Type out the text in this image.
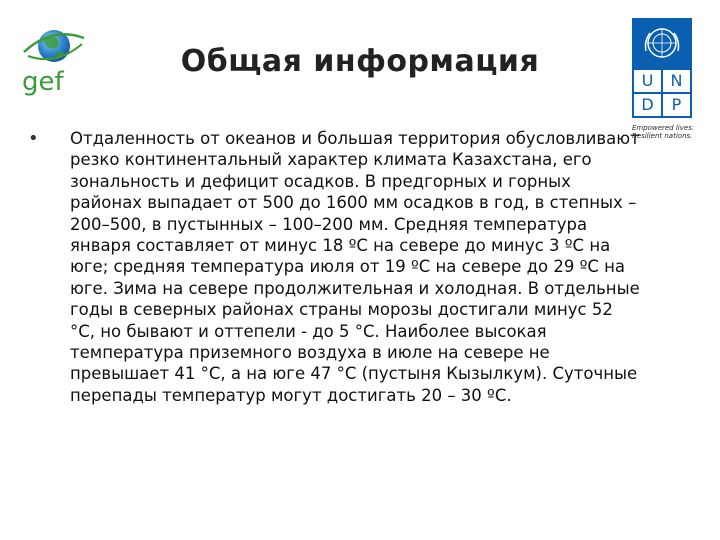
gef
Общая информация
U	N
D	P
Empowered lives.
Resilient nations.
• Отдаленность от океанов и большая территория обусловливают
резко континентальный характер климата Казахстана, его
зональность и дефицит осадков. В предгорных и горных
районах выпадает от 500 до 1600 мм осадков в год, в степных –
200–500, в пустынных – 100–200 мм. Средняя температура
января составляет от минус 18 ºС на севере до минус 3 ºС на
юге; средняя температура июля от 19 ºС на севере до 29 ºС на
юге. Зима на севере продолжительная и холодная. В отдельные
годы в северных районах страны морозы достигали минус 52
°С, но бывают и оттепели - до 5 °С. Наиболее высокая
температура приземного воздуха в июле на севере не
превышает 41 °С, а на юге 47 °С (пустыня Кызылкум). Суточные
перепады температур могут достигать 20 – 30 ºС.
